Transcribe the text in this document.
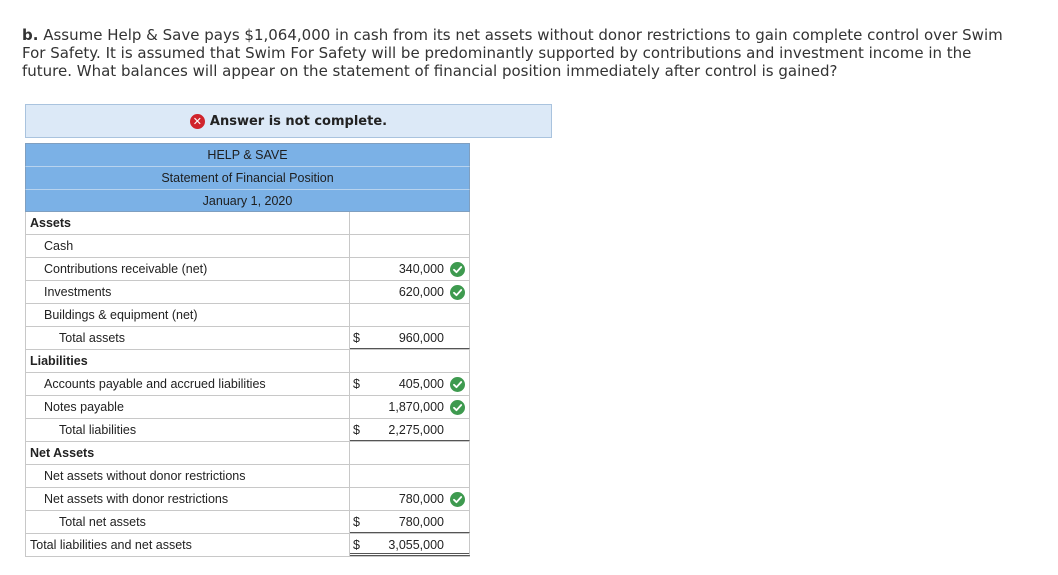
b. Assume Help & Save pays $1,064,000 in cash from its net assets without donor restrictions to gain complete control over Swim For Safety. It is assumed that Swim For Safety will be predominantly supported by contributions and investment income in the future. What balances will appear on the statement of financial position immediately after control is gained?
✕ Answer is not complete.
HELP & SAVE
Statement of Financial Position
January 1, 2020
Assets
Cash
Contributions receivable (net)	340,000
Investments	620,000
Buildings & equipment (net)
Total assets	$	960,000
Liabilities
Accounts payable and accrued liabilities	$	405,000
Notes payable	1,870,000
Total liabilities	$ 2,275,000
Net Assets
Net assets without donor restrictions
Net assets with donor restrictions	780,000
Total net assets	$	780,000
Total liabilities and net assets	$ 3,055,000
